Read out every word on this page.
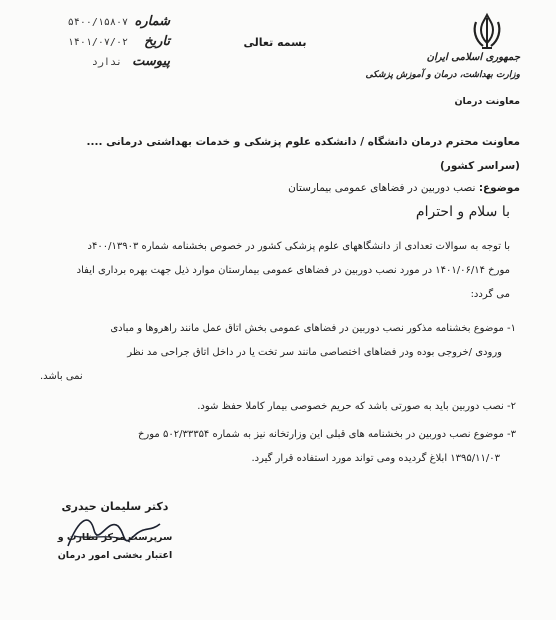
شماره
۵۴۰۰/۱۵۸۰۷
تاریخ
۱۴۰۱/۰۷/۰۲
پیوست
ندارد
بسمه تعالی
جمهوری اسلامی ایران
وزارت بهداشت، درمان و آموزش پزشکی
معاونت درمان
معاونت محترم درمان دانشگاه / دانشکده علوم پزشکی و خدمات بهداشتی درمانی ....
(سراسر کشور)
موضوع: نصب دوربین در فضاهای عمومی بیمارستان
با سلام و احترام
با توجه به سوالات تعدادی از دانشگاههای علوم پزشکی کشور در خصوص بخشنامه شماره ۴۰۰/۱۳۹۰۳د
مورخ ۱۴۰۱/۰۶/۱۴ در مورد نصب دوربین در فضاهای عمومی بیمارستان موارد ذیل جهت بهره برداری ایفاد
می گردد:
۱- موضوع بخشنامه مذکور نصب دوربین در فضاهای عمومی بخش اتاق عمل مانند راهروها و مبادی
ورودی /خروجی بوده ودر فضاهای اختصاصی مانند سر تخت یا در داخل اتاق جراحی مد نظر
نمی باشد.
۲- نصب دوربین باید به صورتی باشد که حریم خصوصی بیمار کاملا حفظ شود.
۳- موضوع نصب دوربین در بخشنامه های قبلی این وزارتخانه نیز به شماره ۵۰۲/۳۳۳۵۴ مورخ
۱۳۹۵/۱۱/۰۳ ابلاغ گردیده ومی تواند مورد استفاده قرار گیرد.
دکتر سلیمان حیدری
سرپرست مرکز نظارت و
اعتبار بخشی امور درمان
